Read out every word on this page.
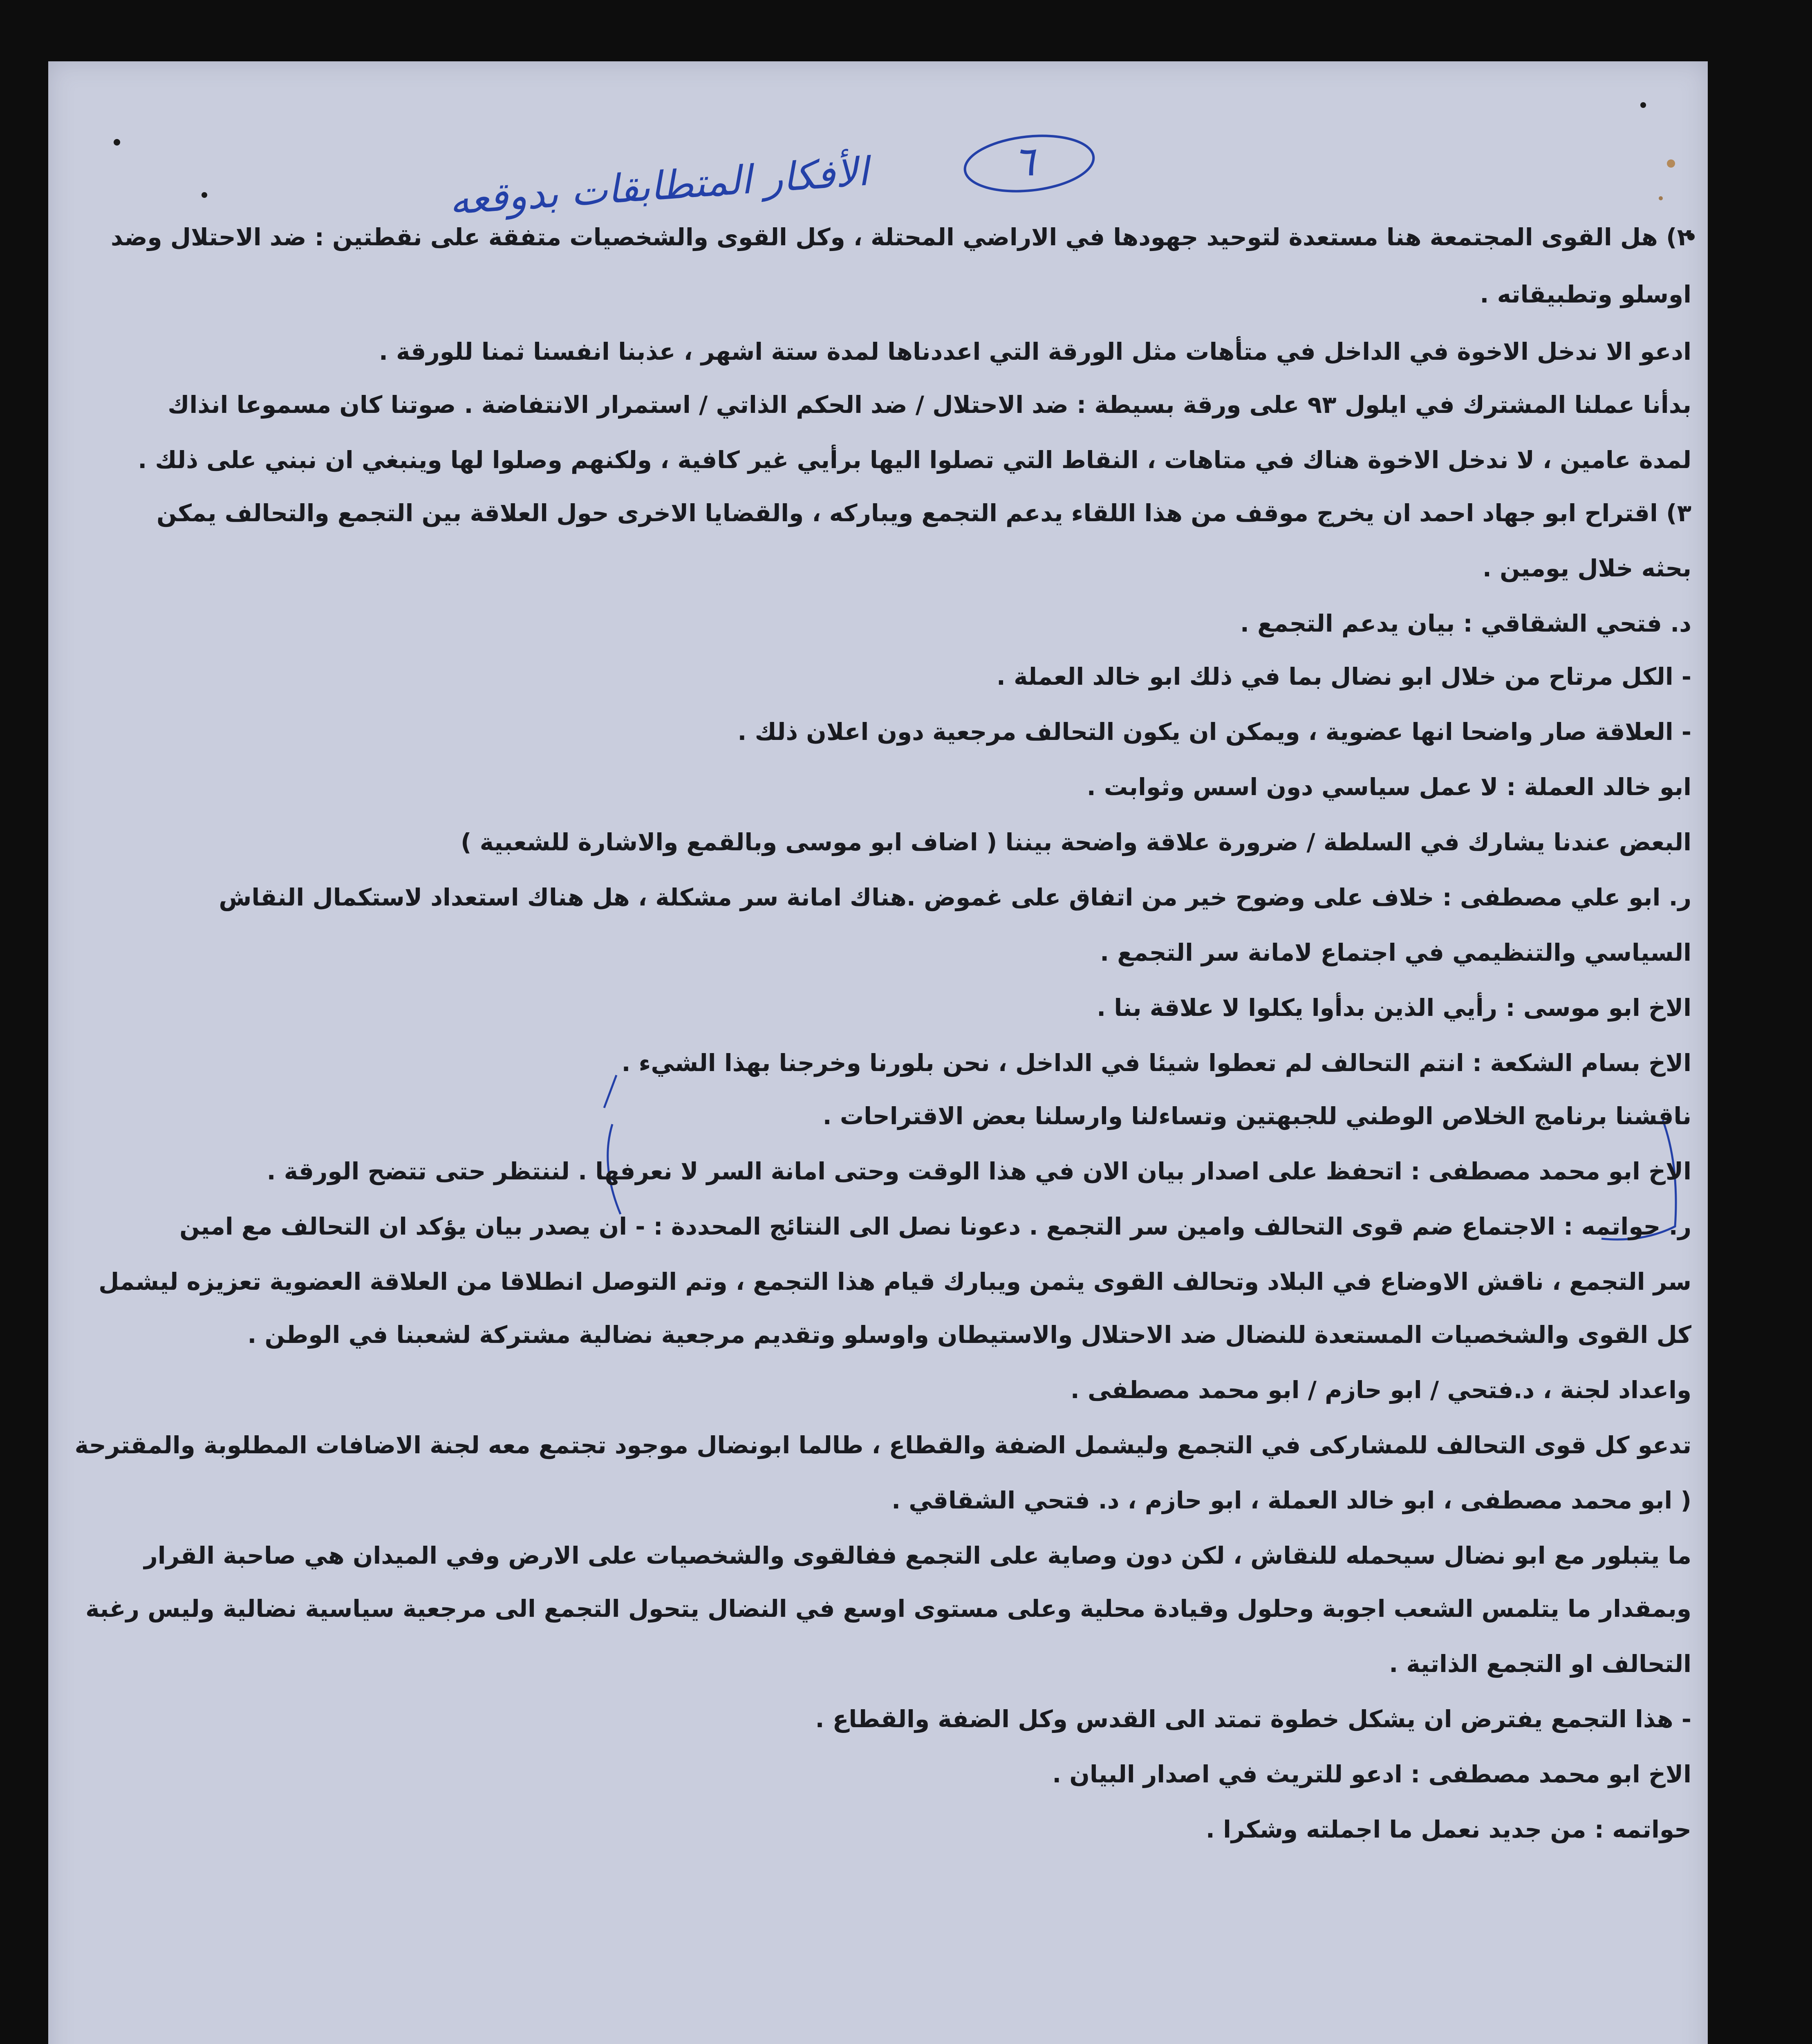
٦
الأفكار المتطابقات بدوقعه
٢) هل القوى المجتمعة هنا مستعدة لتوحيد جهودها في الاراضي المحتلة ، وكل القوى والشخصيات متفقة على نقطتين : ضد الاحتلال وضد
اوسلو وتطبيقاته .
ادعو الا ندخل الاخوة في الداخل في متأهات مثل الورقة التي اعددناها لمدة ستة اشهر ، عذبنا انفسنا ثمنا للورقة .
بدأنا عملنا المشترك في ايلول ٩٣ على ورقة بسيطة : ضد الاحتلال / ضد الحكم الذاتي / استمرار الانتفاضة . صوتنا كان مسموعا انذاك
لمدة عامين ، لا ندخل الاخوة هناك في متاهات ، النقاط التي تصلوا اليها برأيي غير كافية ، ولكنهم وصلوا لها وينبغي ان نبني على ذلك .
٣) اقتراح ابو جهاد احمد ان يخرج موقف من هذا اللقاء يدعم التجمع ويباركه ، والقضايا الاخرى حول العلاقة بين التجمع والتحالف يمكن
بحثه خلال يومين .
د. فتحي الشقاقي : بيان يدعم التجمع .
- الكل مرتاح من خلال ابو نضال بما في ذلك ابو خالد العملة .
- العلاقة صار واضحا انها عضوية ، ويمكن ان يكون التحالف مرجعية دون اعلان ذلك .
ابو خالد العملة : لا عمل سياسي دون اسس وثوابت .
البعض عندنا يشارك في السلطة / ضرورة علاقة واضحة بيننا ( اضاف ابو موسى وبالقمع والاشارة للشعبية )
ر. ابو علي مصطفى : خلاف على وضوح خير من اتفاق على غموض .هناك امانة سر مشكلة ، هل هناك استعداد لاستكمال النقاش
السياسي والتنظيمي في اجتماع لامانة سر التجمع .
الاخ ابو موسى : رأيي الذين بدأوا يكلوا لا علاقة بنا .
الاخ بسام الشكعة : انتم التحالف لم تعطوا شيئا في الداخل ، نحن بلورنا وخرجنا بهذا الشيء .
ناقشنا برنامج الخلاص الوطني للجبهتين وتساءلنا وارسلنا بعض الاقتراحات .
الاخ ابو محمد مصطفى : اتحفظ على اصدار بيان الان في هذا الوقت وحتى امانة السر لا نعرفها . لننتظر حتى تتضح الورقة .
ر. حواتمه : الاجتماع ضم قوى التحالف وامين سر التجمع . دعونا نصل الى النتائج المحددة : - ان يصدر بيان يؤكد ان التحالف مع امين
سر التجمع ، ناقش الاوضاع في البلاد وتحالف القوى يثمن ويبارك قيام هذا التجمع ، وتم التوصل انطلاقا من العلاقة العضوية تعزيزه ليشمل
كل القوى والشخصيات المستعدة للنضال ضد الاحتلال والاستيطان واوسلو وتقديم مرجعية نضالية مشتركة لشعبنا في الوطن .
واعداد لجنة ، د.فتحي / ابو حازم / ابو محمد مصطفى .
تدعو كل قوى التحالف للمشاركى في التجمع وليشمل الضفة والقطاع ، طالما ابونضال موجود تجتمع معه لجنة الاضافات المطلوبة والمقترحة
( ابو محمد مصطفى ، ابو خالد العملة ، ابو حازم ، د. فتحي الشقاقي .
ما يتبلور مع ابو نضال سيحمله للنقاش ، لكن دون وصاية على التجمع ففالقوى والشخصيات على الارض وفي الميدان هي صاحبة القرار
وبمقدار ما يتلمس الشعب اجوبة وحلول وقيادة محلية وعلى مستوى اوسع في النضال يتحول التجمع الى مرجعية سياسية نضالية وليس رغبة
التحالف او التجمع الذاتية .
- هذا التجمع يفترض ان يشكل خطوة تمتد الى القدس وكل الضفة والقطاع .
الاخ ابو محمد مصطفى : ادعو للتريث في اصدار البيان .
حواتمه : من جديد نعمل ما اجملته وشكرا .
